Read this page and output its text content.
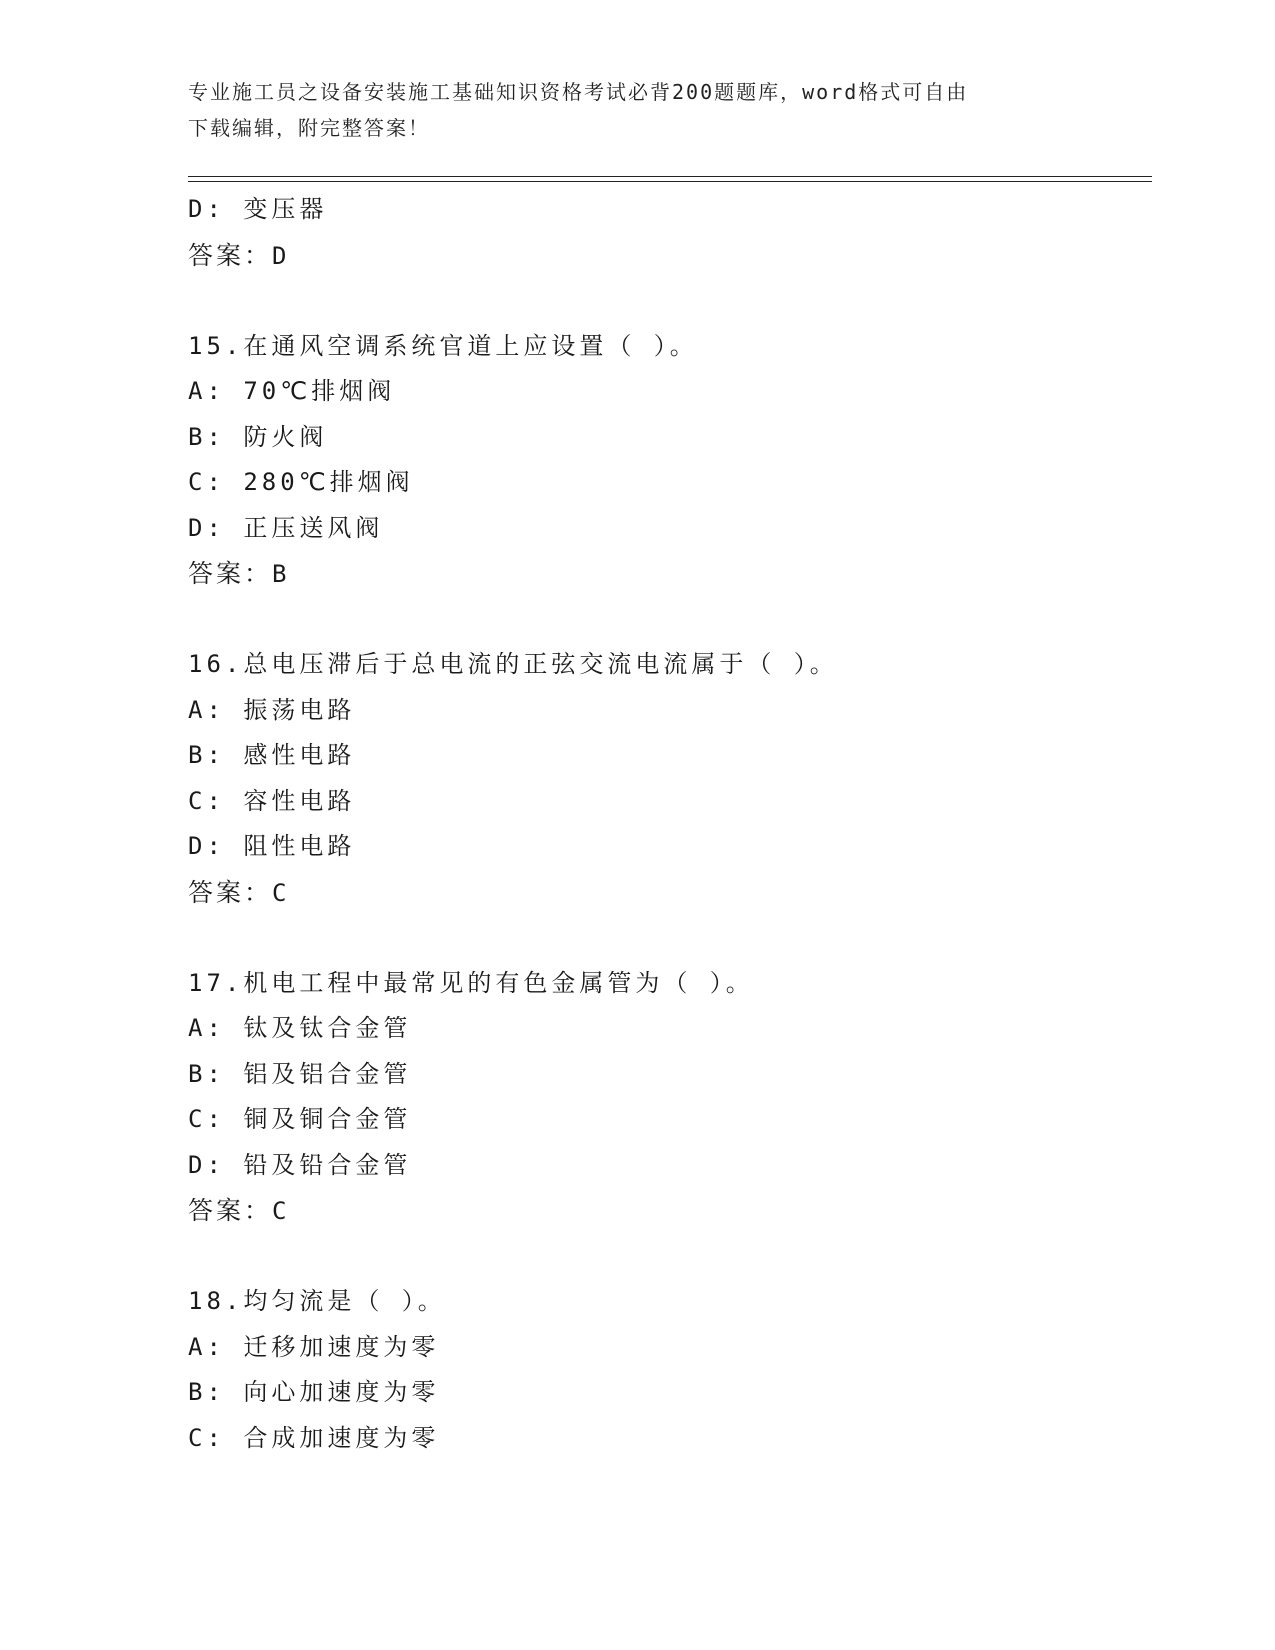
专业施工员之设备安装施工基础知识资格考试必背200题题库，word格式可自由
下载编辑，附完整答案！
D: 变压器
答案：D
15.在通风空调系统官道上应设置（ ）。
A: 70℃排烟阀
B: 防火阀
C: 280℃排烟阀
D: 正压送风阀
答案：B
16.总电压滞后于总电流的正弦交流电流属于（ ）。
A: 振荡电路
B: 感性电路
C: 容性电路
D: 阻性电路
答案：C
17.机电工程中最常见的有色金属管为（ ）。
A: 钛及钛合金管
B: 铝及铝合金管
C: 铜及铜合金管
D: 铅及铅合金管
答案：C
18.均匀流是（ ）。
A: 迁移加速度为零
B: 向心加速度为零
C: 合成加速度为零
